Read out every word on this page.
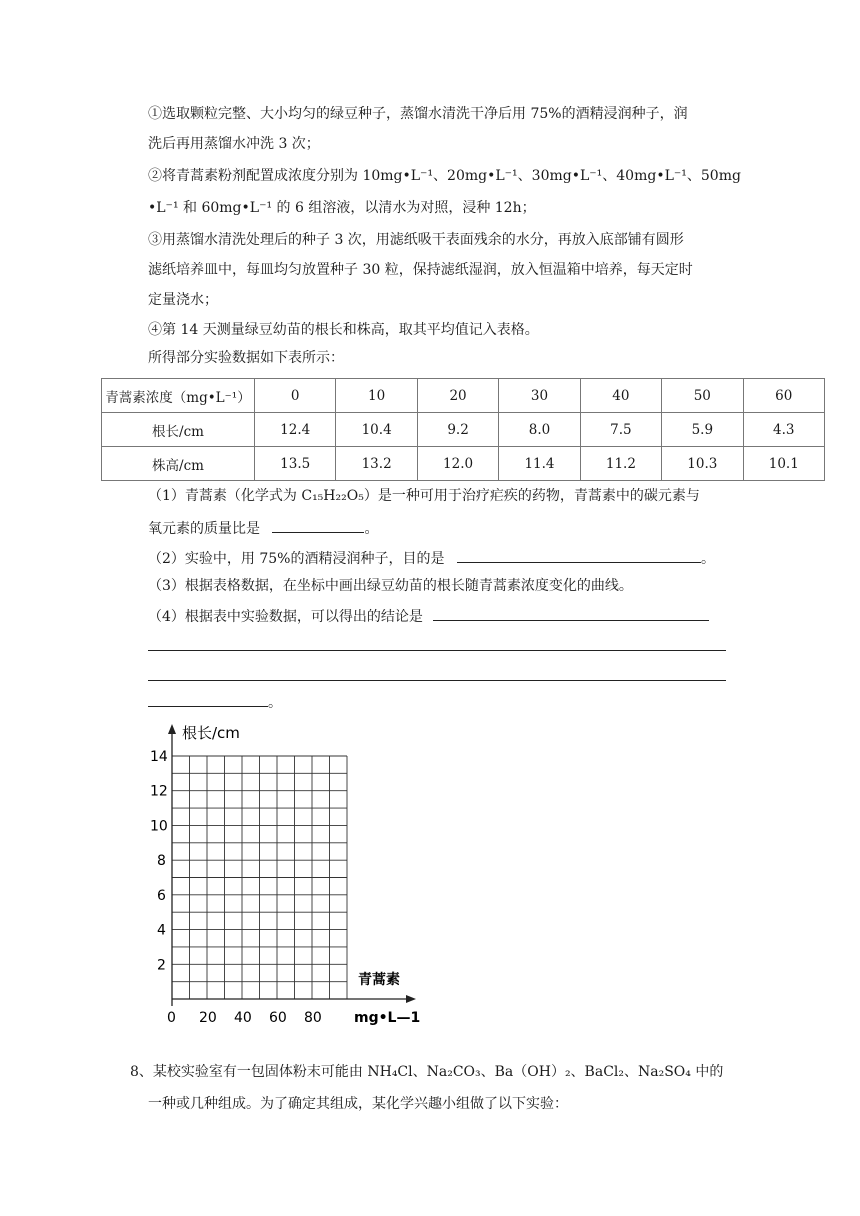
①选取颗粒完整、大小均匀的绿豆种子，蒸馏水清洗干净后用 75%的酒精浸润种子，润
洗后再用蒸馏水冲洗 3 次；
②将青蒿素粉剂配置成浓度分别为 10mg•L⁻¹、20mg•L⁻¹、30mg•L⁻¹、40mg•L⁻¹、50mg
•L⁻¹ 和 60mg•L⁻¹ 的 6 组溶液，以清水为对照，浸种 12h；
③用蒸馏水清洗处理后的种子 3 次，用滤纸吸干表面残余的水分，再放入底部铺有圆形
滤纸培养皿中，每皿均匀放置种子 30 粒，保持滤纸湿润，放入恒温箱中培养，每天定时
定量浇水；
④第 14 天测量绿豆幼苗的根长和株高，取其平均值记入表格。
所得部分实验数据如下表所示：
青蒿素浓度（mg•L⁻¹）	0	10	20	30	40	50	60
根长/cm	12.4	10.4	9.2	8.0	7.5	5.9	4.3
株高/cm	13.5	13.2	12.0	11.4	11.2	10.3	10.1
（1）青蒿素（化学式为 C₁₅H₂₂O₅）是一种可用于治疗疟疾的药物，青蒿素中的碳元素与
氧元素的质量比是	。
（2）实验中，用 75%的酒精浸润种子，目的是	。
（3）根据表格数据，在坐标中画出绿豆幼苗的根长随青蒿素浓度变化的曲线。
（4）根据表中实验数据，可以得出的结论是
。
根长/cm
2
4
6
8
10
12
14
0 20 40 60 80
青蒿素
mg•L—1
8、某校实验室有一包固体粉末可能由 NH₄Cl、Na₂CO₃、Ba（OH）₂、BaCl₂、Na₂SO₄ 中的
一种或几种组成。为了确定其组成，某化学兴趣小组做了以下实验：
